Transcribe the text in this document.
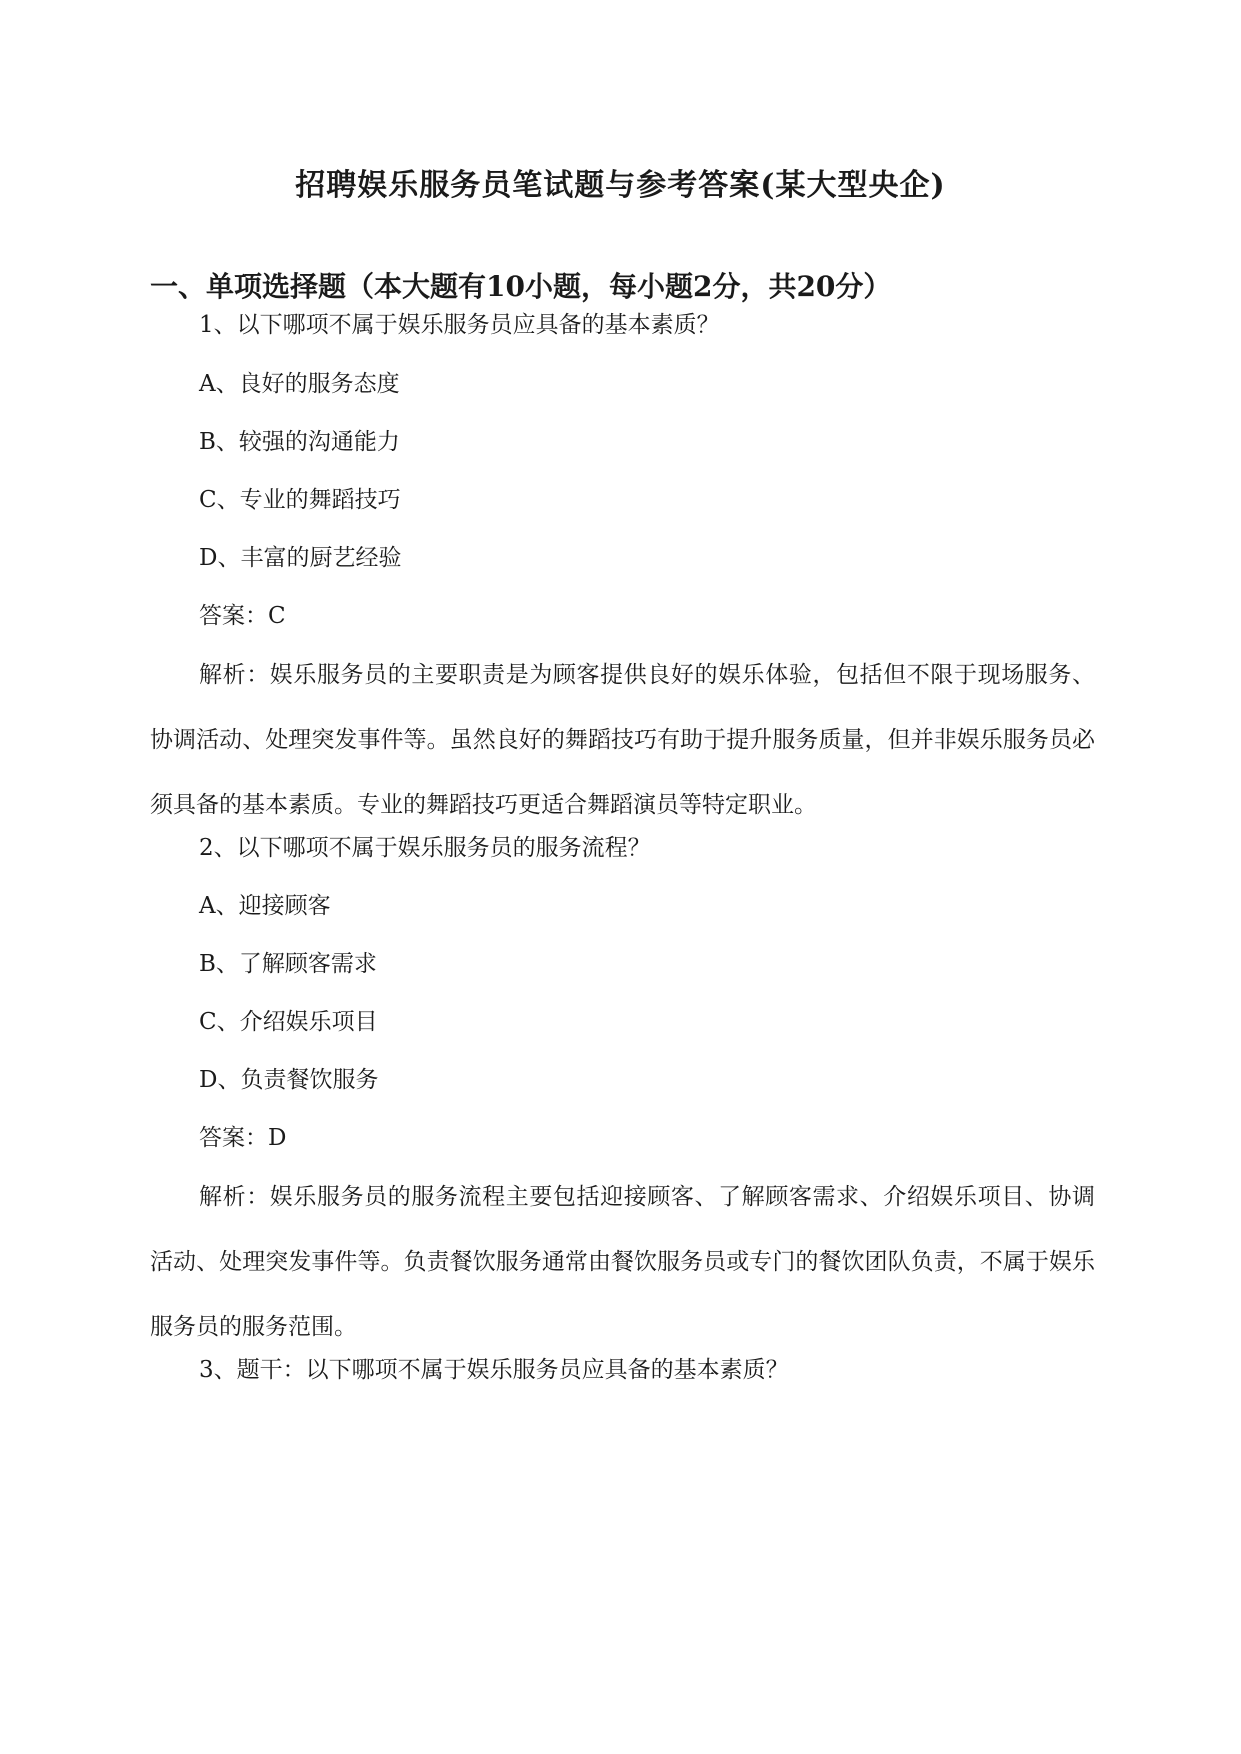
招聘娱乐服务员笔试题与参考答案(某大型央企)
一、单项选择题（本大题有10小题，每小题2分，共20分）

1、以下哪项不属于娱乐服务员应具备的基本素质？

A、良好的服务态度

B、较强的沟通能力

C、专业的舞蹈技巧

D、丰富的厨艺经验

答案：C

解析：娱乐服务员的主要职责是为顾客提供良好的娱乐体验，包括但不限于现场服务、协调活动、处理突发事件等。虽然良好的舞蹈技巧有助于提升服务质量，但并非娱乐服务员必须具备的基本素质。专业的舞蹈技巧更适合舞蹈演员等特定职业。

2、以下哪项不属于娱乐服务员的服务流程？

A、迎接顾客

B、了解顾客需求

C、介绍娱乐项目

D、负责餐饮服务

答案：D

解析：娱乐服务员的服务流程主要包括迎接顾客、了解顾客需求、介绍娱乐项目、协调活动、处理突发事件等。负责餐饮服务通常由餐饮服务员或专门的餐饮团队负责，不属于娱乐服务员的服务范围。

3、题干：以下哪项不属于娱乐服务员应具备的基本素质？
